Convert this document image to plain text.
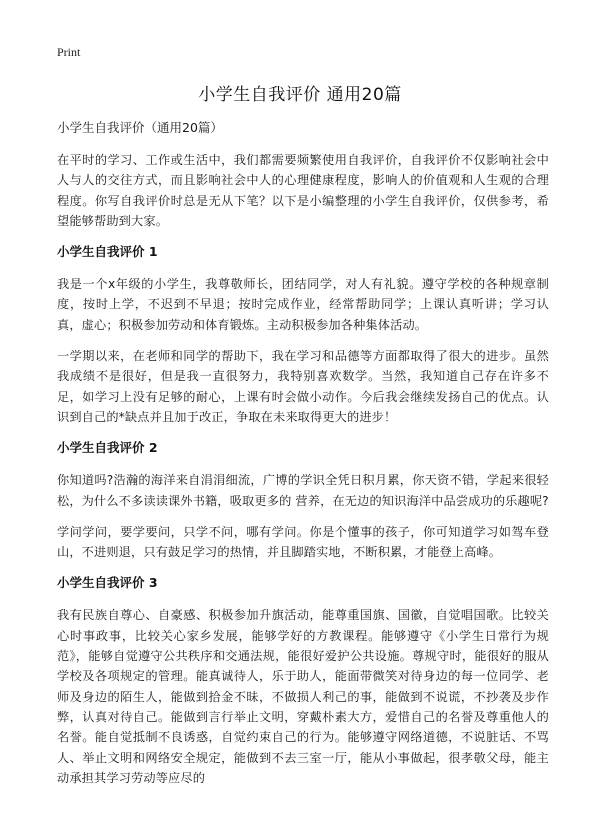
Print
小学生自我评价 通用20篇
小学生自我评价（通用20篇）

在平时的学习、工作或生活中，我们都需要频繁使用自我评价，自我评价不仅影响社会中人与人的交往方式，而且影响社会中人的心理健康程度，影响人的价值观和人生观的合理程度。你写自我评价时总是无从下笔？以下是小编整理的小学生自我评价，仅供参考，希望能够帮助到大家。

小学生自我评价 1

我是一个x年级的小学生，我尊敬师长，团结同学，对人有礼貌。遵守学校的各种规章制度，按时上学，不迟到不早退；按时完成作业，经常帮助同学；上课认真听讲；学习认真，虚心；积极参加劳动和体育锻炼。主动积极参加各种集体活动。

一学期以来，在老师和同学的帮助下，我在学习和品德等方面都取得了很大的进步。虽然我成绩不是很好，但是我一直很努力，我特别喜欢数学。当然，我知道自己存在许多不足，如学习上没有足够的耐心，上课有时会做小动作。今后我会继续发扬自己的优点。认识到自己的*缺点并且加于改正，争取在未来取得更大的进步！

小学生自我评价 2

你知道吗?浩瀚的海洋来自涓涓细流，广博的学识全凭日积月累，你天资不错，学起来很轻松，为什么不多读读课外书籍，吸取更多的 营养，在无边的知识海洋中品尝成功的乐趣呢?

学问学问，要学要问，只学不问，哪有学问。你是个懂事的孩子，你可知道学习如驾车登山，不进则退，只有鼓足学习的热情，并且脚踏实地，不断积累，才能登上高峰。

小学生自我评价 3

我有民族自尊心、自豪感、积极参加升旗活动，能尊重国旗、国徽，自觉唱国歌。比较关心时事政事，比较关心家乡发展，能够学好的方教课程。能够遵守《小学生日常行为规范》，能够自觉遵守公共秩序和交通法规，能很好爱护公共设施。尊规守时，能很好的服从学校及各项规定的管理。能真诚待人，乐于助人，能面带微笑对待身边的每一位同学、老师及身边的陌生人，能做到拾金不昧，不做损人利己的事，能做到不说谎，不抄袭及步作弊，认真对待自己。能做到言行举止文明，穿戴朴素大方，爱惜自己的名誉及尊重他人的名誉。能自觉抵制不良诱惑，自觉约束自己的行为。能够遵守网络道德，不说脏话、不骂人、举止文明和网络安全规定，能做到不去三室一厅，能从小事做起，很孝敬父母，能主动承担其学习劳动等应尽的
